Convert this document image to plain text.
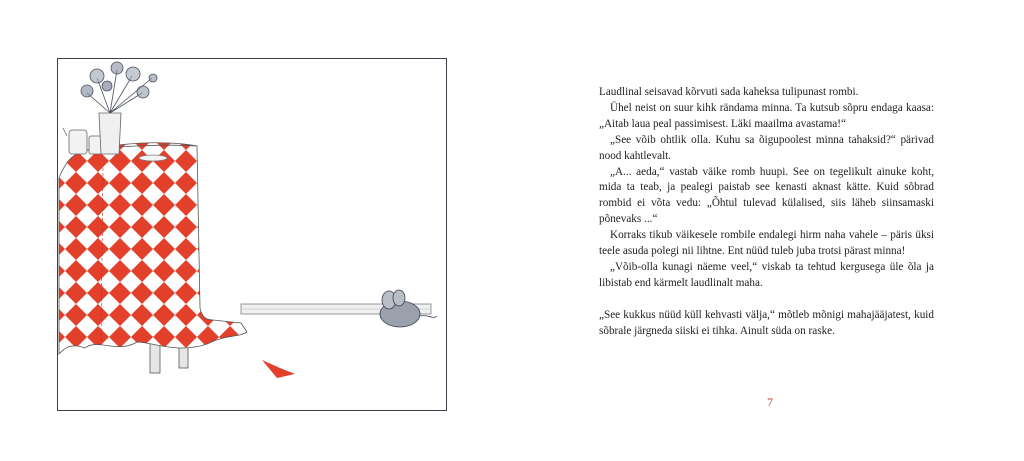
Laudlinal seisavad kõrvuti sada kaheksa tulipunast rombi.

Ühel neist on suur kihk rändama minna. Ta kutsub sõpru endaga kaasa: „Aitab laua peal passimisest. Läki maailma avastama!“

„See võib ohtlik olla. Kuhu sa õigupoolest minna tahaksid?“ pärivad nood kahtlevalt.

„A... aeda,“ vastab väike romb huupi. See on tegelikult ainuke koht, mida ta teab, ja pealegi paistab see kenasti aknast kätte. Kuid sõbrad rombid ei võta vedu: „Õhtul tulevad külalised, siis läheb siinsamaski põnevaks ...“

Korraks tikub väikesele rombile endalegi hirm naha vahele – päris üksi teele asuda polegi nii lihtne. Ent nüüd tuleb juba trotsi pärast minna!

„Võib-olla kunagi näeme veel,“ viskab ta tehtud kergusega üle õla ja libistab end kärmelt laudlinalt maha.

„See kukkus nüüd küll kehvasti välja,“ mõtleb mõnigi mahajääjatest, kuid sõbrale järgneda siiski ei tihka. Ainult süda on raske.

7
